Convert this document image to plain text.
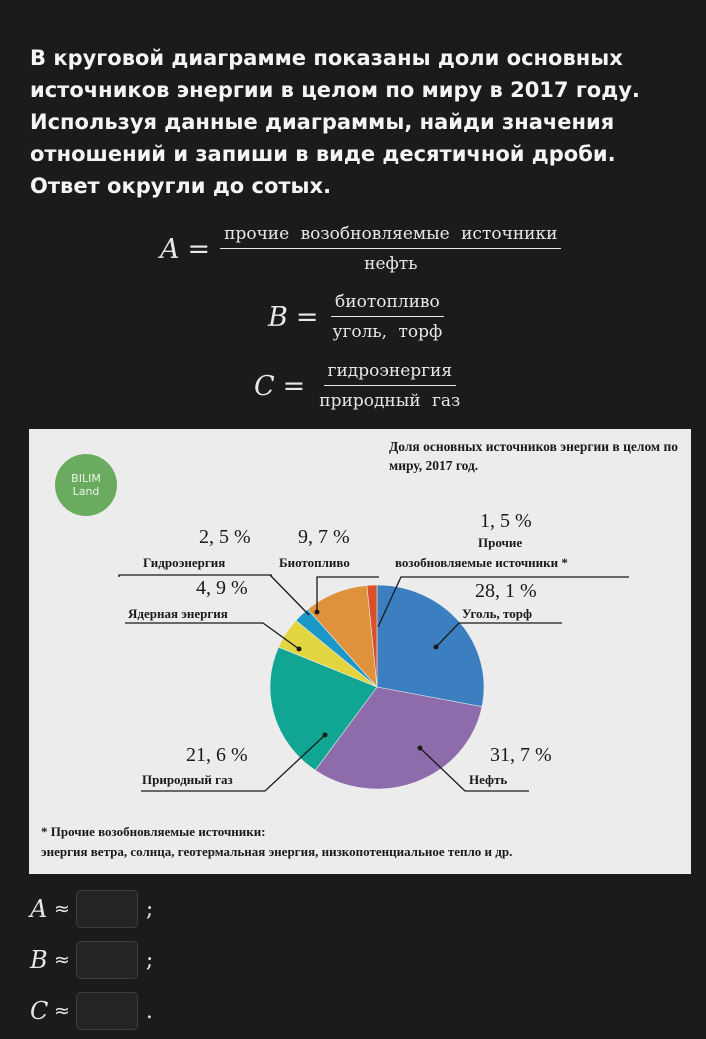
В круговой диаграмме показаны доли основных источников энергии в целом по миру в 2017 году. Используя данные диаграммы, найди значения отношений и запиши в виде десятичной дроби. Ответ округли до сотых.
$A = \frac{\text{прочие возобновляемые источники}}{\text{нефть}}$
$B = \frac{\text{биотопливо}}{\text{уголь, торф}}$
$C = \frac{\text{гидроэнергия}}{\text{природный газ}}$
BILIM
Land
Доля основных источников энергии в целом по миру, 2017 год.
2, 5 %
Гидроэнергия
9, 7 %
Биотопливо
1, 5 %
Прочие
возобновляемые источники *
4, 9 %
Ядерная энергия
28, 1 %
Уголь, торф
21, 6 %
Природный газ
31, 7 %
Нефть
* Прочие возобновляемые источники:
энергия ветра, солнца, геотермальная энергия, низкопотенциальное тепло и др.
A ≈	;
B ≈	;
C ≈	.
